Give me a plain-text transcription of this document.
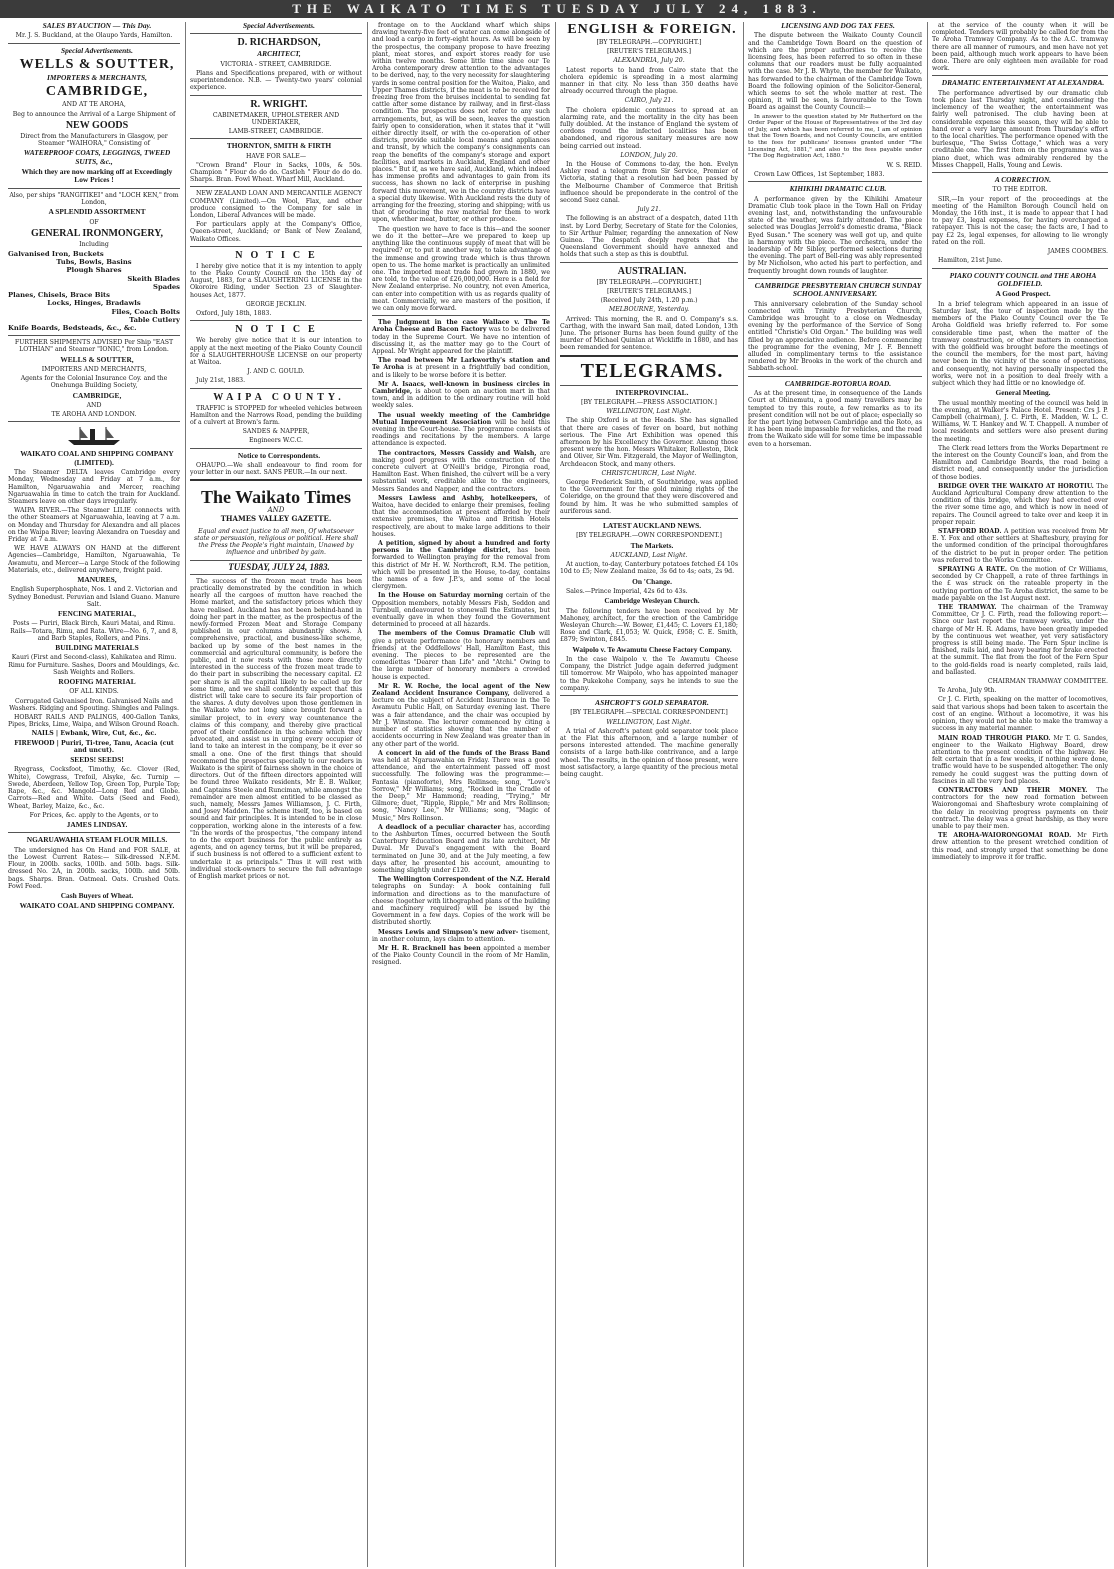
THE WAIKATO TIMES TUESDAY JULY 24, 1883.

SALES BY AUCTION — This Day.

Mr. J. S. Buckland, at the Olaupo Yards, Hamilton.

Special Advertisements.

WELLS & SOUTTER,

IMPORTERS & MERCHANTS,

CAMBRIDGE,

AND AT TE AROHA,

Beg to announce the Arrival of a Large Shipment of

NEW GOODS

Direct from the Manufacturers in Glasgow, per Steamer "WAIHORA," Consisting of

WATERPROOF COATS, LEGGINGS, TWEED SUITS, &c.,

Which they are now marking off at Exceedingly Low Prices !

Also, per ships "RANGITIKEI" and "LOCH KEN," from London,

A SPLENDID ASSORTMENT

OF

GENERAL IRONMONGERY,

Including

Galvanised Iron, Buckets

Tubs, Bowls, Basins

Plough Shares

Skeith Blades

Spades

Planes, Chisels, Brace Bits

Locks, Hinges, Bradawls

Files, Coach Bolts

Table Cutlery

Knife Boards, Bedsteads, &c., &c.

FURTHER SHIPMENTS ADVISED Per Ship "EAST LOTHIAN" and Steamer "IONIC," from London.

WELLS & SOUTTER,

IMPORTERS AND MERCHANTS,

Agents for the Colonial Insurance Coy. and the Onehunga Building Society,

CAMBRIDGE,

AND

TE AROHA AND LONDON.

WAIKATO COAL AND SHIPPING COMPANY (LIMITED).

The Steamer DELTA leaves Cambridge every Monday, Wednesday and Friday at 7 a.m., for Hamilton, Ngaruawahia and Mercer, reaching Ngaruawahia in time to catch the train for Auckland. Steamers leave on other days irregularly.

WAIPA RIVER.—The Steamer LILIE connects with the other Steamers at Ngaruawahia, leaving at 7 a.m. on Monday and Thursday for Alexandra and all places on the Waipa River; leaving Alexandra on Tuesday and Friday at 7 a.m.

WE HAVE ALWAYS ON HAND at the different Agencies—Cambridge, Hamilton, Ngaruawahia, Te Awamutu, and Mercer—a Large Stock of the following Materials, etc., delivered anywhere, freight paid.

MANURES,

English Superphosphate, Nos. 1 and 2. Victorian and Sydney Bonedust. Peruvian and Island Guano. Manure Salt.

FENCING MATERIAL,

Posts — Puriri, Black Birch, Kauri Matai, and Rimu. Rails—Totara, Rimu, and Rata. Wire—No. 6, 7, and 8, and Barb Staples, Rollers, and Pins.

BUILDING MATERIALS

Kauri (First and Second-class), Kahikatea and Rimu. Rimu for Furniture. Sashes, Doors and Mouldings, &c. Sash Weights and Rollers.

ROOFING MATERIAL

OF ALL KINDS.

Corrugated Galvanised Iron. Galvanised Nails and Washers. Ridging and Spouting. Shingles and Palings.

HOBART RAILS AND PALINGS, 400-Gallon Tanks, Pipes, Bricks, Lime, Waipa, and Wilson Ground Roach.

NAILS | Ewbank, Wire, Cut, &c., &c.

FIREWOOD | Puriri, Ti-tree, Tanu, Acacia (cut and uncut).

SEEDS! SEEDS!

Ryegrass, Cocksfoot, Timothy, &c. Clover (Red, White), Cowgrass, Trefoil, Alsyke, &c. Turnip — Swede, Aberdeen, Yellow Top, Green Top, Purple Top; Rape, &c., &c. Mangold—Long Red and Globe. Carrots—Red and White. Oats (Seed and Feed), Wheat, Barley, Maize, &c., &c.

For Prices, &c. apply to the Agents, or to

JAMES LINDSAY.

NGARUAWAHIA STEAM FLOUR MILLS.

The undersigned has On Hand and FOR SALE, at the Lowest Current Rates:— Silk-dressed N.F.M. Flour, in 200lb. sacks, 100lb. and 50lb. bags. Silk-dressed No. 2A, in 200lb. sacks, 100lb. and 50lb. bags. Sharps. Bran. Oatmeal. Oats. Crushed Oats. Fowl Feed.

Cash Buyers of Wheat.

WAIKATO COAL AND SHIPPING COMPANY.

Special Advertisements.

D. RICHARDSON,

ARCHITECT,

VICTORIA - STREET, CAMBRIDGE.

Plans and Specifications prepared, with or without superintendence. N.B. — Twenty-two years' colonial experience.

R. WRIGHT.

CABINETMAKER, UPHOLSTERER AND UNDERTAKER,

LAMB-STREET, CAMBRIDGE.

THORNTON, SMITH & FIRTH

HAVE FOR SALE—

"Crown Brand" Flour in Sacks, 100s, & 50s. Champion " Flour do do do. Castleh " Flour do do do. Sharps. Bran. Fowl Wheat. Wharf Mill, Auckland.

NEW ZEALAND LOAN AND MERCANTILE AGENCY COMPANY (Limited).—On Wool, Flax, and other produce consigned to the Company for sale in London, Liberal Advances will be made.

For particulars apply at the Company's Office, Queen-street, Auckland; or Bank of New Zealand, Waikato Offices.

NOTICE

I hereby give notice that it is my intention to apply to the Piako County Council on the 15th day of August, 1883, for a SLAUGHTERING LICENSE in the Okoroire Riding, under Section 23 of Slaughter-houses Act, 1877.

GEORGE JECKLIN.

Oxford, July 18th, 1883.

NOTICE

We hereby give notice that it is our intention to apply at the next meeting of the Piako County Council for a SLAUGHTERHOUSE LICENSE on our property at Waitoa.

J. AND C. GOULD.

July 21st, 1883.

WAIPA COUNTY.

TRAFFIC is STOPPED for wheeled vehicles between Hamilton and the Narrows Road, pending the building of a culvert at Brown's farm.

SANDES & NAPPER,

Engineers W.C.C.

Notice to Correspondents.

OHAUPO.—We shall endeavour to find room for your letter in our next. SANS PEUR.—In our next.

The Waikato Times
AND
THAMES VALLEY GAZETTE.

Equal and exact justice to all men, Of whatsoever state or persuasion, religious or political. Here shall the Press the People's right maintain, Unawed by influence and unbribed by gain.

TUESDAY, JULY 24, 1883.

The success of the frozen meat trade has been practically demonstrated by the condition in which nearly all the cargoes of mutton have reached the Home market, and the satisfactory prices which they have realised. Auckland has not been behind-hand in doing her part in the matter, as the prospectus of the newly-formed Frozen Meat and Storage Company published in our columns abundantly shows. A comprehensive, practical, and business-like scheme, backed up by some of the best names in the commercial and agricultural community, is before the public, and it now rests with those more directly interested in the success of the frozen meat trade to do their part in subscribing the necessary capital. £2 per share is all the capital likely to be called up for some time, and we shall confidently expect that this district will take care to secure its fair proportion of the shares. A duty devolves upon those gentlemen in the Waikato who not long since brought forward a similar project, to in every way countenance the claims of this company, and thereby give practical proof of their confidence in the scheme which they advocated, and assist us in urging every occupier of land to take an interest in the company, be it ever so small a one. One of the first things that should recommend the prospectus specially to our readers in Waikato is the spirit of fairness shown in the choice of directors. Out of the fifteen directors appointed will be found three Waikato residents, Mr E. B. Walker, and Captains Steele and Runciman, while amongst the remainder are men almost entitled to be classed as such, namely, Messrs James Williamson, J. C. Firth, and Josey Madden. The scheme itself, too, is based on sound and fair principles. It is intended to be in close copperation, working alone in the interests of a few. "In the words of the prospectus, "the company intend to do the export business for the public entirely as agents, and on agency terms, but it will be prepared, if such business is not offered to a sufficient extent to undertake it as principals." Thus it will rest with individual stock-owners to secure the full advantage of English market prices or not.

frontage on to the Auckland wharf which ships drawing twenty-five feet of water can come alongside of and load a cargo in forty-eight hours. As will be seen by the prospectus, the company propose to have freezing plant, meat stores, and export stores ready for use within twelve months. Some little time since our Te Aroha contemporary drew attention to the advantages to be derived, nay, to the very necessity for slaughtering yards in some central position for the Waitoa, Piako, and Upper Thames districts, if the meat is to be received for freezing free from the bruises incidental to sending fat cattle after some distance by railway, and in first-class condition. The prospectus does not refer to any such arrangements, but, as will be seen, leaves the question fairly open to consideration, when it states that it "will either directly itself, or with the co-operation of other districts, provide suitable local means and appliances and transit, by which the company's consignments can reap the benefits of the company's storage and export facilities, and markets in Auckland, England and other places." But if, as we have said, Auckland, which indeed has immense profits and advantages to gain from its success, has shown no lack of enterprise in pushing forward this movement, we in the country districts have a special duty likewise. With Auckland rests the duty of arranging for the freezing, storing and shipping; with us that of producing the raw material for them to work upon, whether meat, butter, or other produce.

The question we have to face is this—and the sooner we do it the better—Are we prepared to keep up anything like the continuous supply of meat that will be required? or, to put it another way, to take advantage of the immense and growing trade which is thus thrown open to us. The home market is practically an unlimited one. The imported meat trade had grown in 1880, we are told, to the value of £26,000,000. Here is a field for New Zealand enterprise. No country, not even America, can enter into competition with us as regards quality of meat. Commercially, we are masters of the position, if we can only move forward.

The Judgment in the case Wallace v. The Te Aroha Cheese and Bacon Factory was to be delivered today in the Supreme Court. We have no intention of discussing it, as the matter may go to the Court of Appeal. Mr Wright appeared for the plaintiff.

The road between Mr Larkworthy's station and Te Aroha is at present in a frightfully bad condition, and is likely to be worse before it is better.

Mr A. Isaacs, well-known in business circles in Cambridge, is about to open an auction mart in that town, and in addition to the ordinary routine will hold weekly sales.

The usual weekly meeting of the Cambridge Mutual Improvement Association will be held this evening in the Court-house. The programme consists of readings and recitations by the members. A large attendance is expected.

The contractors, Messrs Cassidy and Walsh, are making good progress with the construction of the concrete culvert at O'Neill's bridge, Pirongia road, Hamilton East. When finished, the culvert will be a very substantial work, creditable alike to the engineers, Messrs Sandes and Napper, and the contractors.

Messrs Lawless and Ashby, hotelkeepers, of Waitoa, have decided to enlarge their premises, feeling that the accommodation at present afforded by their extensive premises, the Waitoa and British Hotels respectively, are about to make large additions to their houses.

A petition, signed by about a hundred and forty persons in the Cambridge district, has been forwarded to Wellington praying for the removal from this district of Mr H. W. Northcroft, R.M. The petition, which will be presented in the House, to-day, contains the names of a few J.P.'s, and some of the local clergymen.

In the House on Saturday morning certain of the Opposition members, notably Messrs Fish, Seddon and Turnbull, endeavoured to stonewall the Estimates, but eventually gave in when they found the Government determined to proceed at all hazards.

The members of the Comus Dramatic Club will give a private performance (to honorary members and friends) at the Oddfellows' Hall, Hamilton East, this evening. The pieces to be represented are the comediettas "Dearer than Life" and "Atchi." Owing to the large number of honorary members a crowded house is expected.

Mr R. W. Roche, the local agent of the New Zealand Accident Insurance Company, delivered a lecture on the subject of Accident Insurance in the Te Awamutu Public Hall, on Saturday evening last. There was a fair attendance, and the chair was occupied by Mr J. Winstone. The lecturer commenced by citing a number of statistics showing that the number of accidents occurring in New Zealand was greater than in any other part of the world.

A concert in aid of the funds of the Brass Band was held at Ngaruawahia on Friday. There was a good attendance, and the entertainment passed off most successfully. The following was the programme:—Fantasia (pianoforte), Mrs Rollinson; song, "Love's Sorrow," Mr Williams; song, "Rocked in the Cradle of the Deep," Mr Hammond; reading, "Trying," Mr Gilmore; duet, "Ripple, Ripple," Mr and Mrs Rollinson; song, "Nancy Lee," Mr Williams; song, "Magic of Music," Mrs Rollinson.

A deadlock of a peculiar character has, according to the Ashburton Times, occurred between the South Canterbury Education Board and its late architect, Mr Duval. Mr Duval's engagement with the Board terminated on June 30, and at the July meeting, a few days after, he presented his account, amounting to something slightly under £120.

The Wellington Correspondent of the N.Z. Herald telegraphs on Sunday: A book containing full information and directions as to the manufacture of cheese (together with lithographed plans of the building and machinery required) will be issued by the Government in a few days. Copies of the work will be distributed shortly.

Messrs Lewis and Simpson's new adver- tisement, in another column, lays claim to attention.

Mr H. R. Bracknell has been appointed a member of the Piako County Council in the room of Mr Hamlin, resigned.

ENGLISH & FOREIGN.

[BY TELEGRAPH.—COPYRIGHT.]

[REUTER'S TELEGRAMS.]

ALEXANDRIA, July 20.

Latest reports to hand from Cairo state that the cholera epidemic is spreading in a most alarming manner in that city. No less than 350 deaths have already occurred through the plague.

CAIRO, July 21.

The cholera epidemic continues to spread at an alarming rate, and the mortality in the city has been fully doubled. At the instance of England the system of cordons round the infected localities has been abandoned, and rigorous sanitary measures are now being carried out instead.

LONDON, July 20.

In the House of Commons to-day, the hon. Evelyn Ashley read a telegram from Sir Service, Premier of Victoria, stating that a resolution had been passed by the Melbourne Chamber of Commerce that British influence should be preponderate in the control of the second Suez canal.

July 21.

The following is an abstract of a despatch, dated 11th inst. by Lord Derby, Secretary of State for the Colonies, to Sir Arthur Palmer, regarding the annexation of New Guinea. The despatch deeply regrets that the Queensland Government should have annexed and holds that such a step as this is doubtful.

AUSTRALIAN.

[BY TELEGRAPH.—COPYRIGHT.]

[REUTER'S TELEGRAMS.]

(Received July 24th, 1.20 p.m.)

MELBOURNE, Yesterday.

Arrived: This morning, the R. and O. Company's s.s. Carthag, with the inward San mail, dated London, 13th June. The prisoner Burns has been found guilty of the murder of Michael Quinlan at Wickliffe in 1880, and has been remanded for sentence.

TELEGRAMS.

INTERPROVINCIAL.

[BY TELEGRAPH.—PRESS ASSOCIATION.]

WELLINGTON, Last Night.

The ship Oxford is at the Heads. She has signalled that there are cases of fever on board, but nothing serious. The Fine Art Exhibition was opened this afternoon by his Excellency the Governor. Among those present were the hon. Messrs Whitaker, Rolleston, Dick and Oliver, Sir Wm. Fitzgerald, the Mayor of Wellington, Archdeacon Stock, and many others.

CHRISTCHURCH, Last Night.

George Frederick Smith, of Southbridge, was applied to the Government for the gold mining rights of the Coleridge, on the ground that they were discovered and found by him. It was he who submitted samples of auriferous sand.

LATEST AUCKLAND NEWS.

[BY TELEGRAPH.—OWN CORRESPONDENT.]

The Markets.

AUCKLAND, Last Night.

At auction, to-day, Canterbury potatoes fetched £4 10s 10d to £5; New Zealand maize, 3s 6d to 4s; oats, 2s 9d.

On 'Change.

Sales.—Prince Imperial, 42s 6d to 43s.

Cambridge Wesleyan Church.

The following tenders have been received by Mr Mahoney, architect, for the erection of the Cambridge Wesleyan Church:—W. Bower, £1,445; C. Lovers £1,180; Rose and Clark, £1,053; W. Quick, £958; C. E. Smith, £879; Swinton, £845.

Waipolo v. Te Awamutu Cheese Factory Company.

In the case Waipolo v. the Te Awamutu Cheese Company, the District Judge again deferred judgment till tomorrow. Mr Waipolo, who has appointed manager to the Pukekohe Company, says he intends to sue the company.

ASHCROFT'S GOLD SEPARATOR.

[BY TELEGRAPH.—SPECIAL CORRESPONDENT.]

WELLINGTON, Last Night.

A trial of Ashcroft's patent gold separator took place at the Flat this afternoon, and a large number of persons interested attended. The machine generally consists of a large bath-like contrivance, and a large wheel. The results, in the opinion of those present, were most satisfactory, a large quantity of the precious metal being caught.

LICENSING AND DOG TAX FEES.

The dispute between the Waikato County Council and the Cambridge Town Board on the question of which are the proper authorities to receive the licensing fees, has been referred to so often in these columns that our readers must be fully acquainted with the case. Mr J. B. Whyte, the member for Waikato, has forwarded to the chairman of the Cambridge Town Board the following opinion of the Solicitor-General, which seems to set the whole matter at rest. The opinion, it will be seen, is favourable to the Town Board as against the County Council:—

In answer to the question stated by Mr Rutherford on the Order Paper of the House of Representatives of the 3rd day of July, and which has been referred to me, I am of opinion that the Town Boards, and not County Councils, are entitled to the fees for publicans' licenses granted under "The Licensing Act, 1881," and also to the fees payable under "The Dog Registration Act, 1880."

W. S. REID.

Crown Law Offices, 1st September, 1883.

KIHIKIHI DRAMATIC CLUB.

A performance given by the Kihikihi Amateur Dramatic Club took place in the Town Hall on Friday evening last, and, notwithstanding the unfavourable state of the weather, was fairly attended. The piece selected was Douglas Jerrold's domestic drama, "Black Eyed Susan." The scenery was well got up, and quite in harmony with the piece. The orchestra, under the leadership of Mr Sibley, performed selections during the evening. The part of Bell-ring was ably represented by Mr Nicholson, who acted his part to perfection, and frequently brought down rounds of laughter.

CAMBRIDGE PRESBYTERIAN CHURCH SUNDAY SCHOOL ANNIVERSARY.

This anniversary celebration of the Sunday school connected with Trinity Presbyterian Church, Cambridge was brought to a close on Wednesday evening by the performance of the Service of Song entitled "Christie's Old Organ." The building was well filled by an appreciative audience. Before commencing the programme for the evening, Mr J. F. Bennett alluded in complimentary terms to the assistance rendered by Mr Brooks in the work of the church and Sabbath-school.

CAMBRIDGE-ROTORUA ROAD.

As at the present time, in consequence of the Lands Court at Ohinemutu, a good many travellers may be tempted to try this route, a few remarks as to its present condition will not be out of place; especially so for the part lying between Cambridge and the Roto, as it has been made impassable for vehicles, and the road from the Waikato side will for some time be impassable even to a horseman.

at the service of the county when it will be completed. Tenders will probably be called for from the Te Aroha Tramway Company. As to the A.C. tramway there are all manner of rumours, and men have not yet been paid, although much work appears to have been done. There are only eighteen men available for road work.

DRAMATIC ENTERTAINMENT AT ALEXANDRA.

The performance advertised by our dramatic club took place last Thursday night, and considering the inclemency of the weather, the entertainment was fairly well patronised. The club having been at considerable expense this season, they will be able to hand over a very large amount from Thursday's effort to the local charities. The performance opened with the burlesque, "The Swiss Cottage," which was a very creditable one. The first item on the programme was a piano duet, which was admirably rendered by the Misses Chappell, Halls, Young and Lewis.

A CORRECTION.

TO THE EDITOR.

SIR,—In your report of the proceedings at the meeting of the Hamilton Borough Council held on Monday, the 16th inst., it is made to appear that I had to pay £3, legal expenses, for having overcharged a ratepayer. This is not the case; the facts are, I had to pay £2 2s, legal expenses, for allowing to lie wrongly rated on the roll.

JAMES COOMBES.

Hamilton, 21st June.

PIAKO COUNTY COUNCIL and THE AROHA GOLDFIELD.

A Good Prospect.

In a brief telegram which appeared in an issue of Saturday last, the tour of inspection made by the members of the Piako County Council over the Te Aroha Goldfield was briefly referred to. For some considerable time past, when the matter of the tramway construction, or other matters in connection with the goldfield was brought before the meetings of the council the members, for the most part, having never been in the vicinity of the scene of operations, and consequently, not having personally inspected the works, were not in a position to deal freely with a subject which they had little or no knowledge of.

General Meeting.

The usual monthly meeting of the council was held in the evening, at Walker's Palace Hotel. Present: Crs J. P. Campbell (chairman), J. C. Firth, E. Madden, W. L. C. Williams, W. T. Hankey and W. T. Chappell. A number of local residents and settlers were also present during the meeting.

The Clerk read letters from the Works Department re the interest on the County Council's loan, and from the Hamilton and Cambridge Boards, the road being a district road, and consequently under the jurisdiction of those bodies.

BRIDGE OVER THE WAIKATO AT HOROTIU. The Auckland Agricultural Company drew attention to the condition of this bridge, which they had erected over the river some time ago, and which is now in need of repairs. The Council agreed to take over and keep it in proper repair.

STAFFORD ROAD. A petition was received from Mr E. Y. Fox and other settlers at Shaftesbury, praying for the unformed condition of the principal thoroughfares of the district to be put in proper order. The petition was referred to the Works Committee.

SPRAYING A RATE. On the motion of Cr Williams, seconded by Cr Chappell, a rate of three farthings in the £ was struck on the rateable property in the outlying portion of the Te Aroha district, the same to be made payable on the 1st August next.

THE TRAMWAY. The chairman of the Tramway Committee, Cr J. C. Firth, read the following report:—Since our last report the tramway works, under the charge of Mr H. R. Adams, have been greatly impeded by the continuous wet weather, yet very satisfactory progress is still being made. The Fern Spur incline is finished, rails laid, and heavy bearing for brake erected at the summit. The flat from the foot of the Fern Spur to the gold-fields road is nearly completed, rails laid, and ballasted.

CHAIRMAN TRAMWAY COMMITTEE.

Te Aroha, July 9th.

Cr J. C. Firth, speaking on the matter of locomotives, said that various shops had been taken to ascertain the cost of an engine. Without a locomotive, it was his opinion, they would not be able to make the tramway a success in any material manner.

MAIN ROAD THROUGH PIAKO. Mr T. G. Sandes, engineer to the Waikato Highway Board, drew attention to the present condition of the highway. He felt certain that in a few weeks, if nothing were done, traffic would have to be suspended altogether. The only remedy he could suggest was the putting down of fascines in all the very bad places.

CONTRACTORS AND THEIR MONEY. The contractors for the new road formation between Waiorongomai and Shaftesbury wrote complaining of the delay in receiving progress payments on their contract. The delay was a great hardship, as they were unable to pay their men.

TE AROHA-WAIORONGOMAI ROAD. Mr Firth drew attention to the present wretched condition of this road, and strongly urged that something be done immediately to improve it for traffic.
